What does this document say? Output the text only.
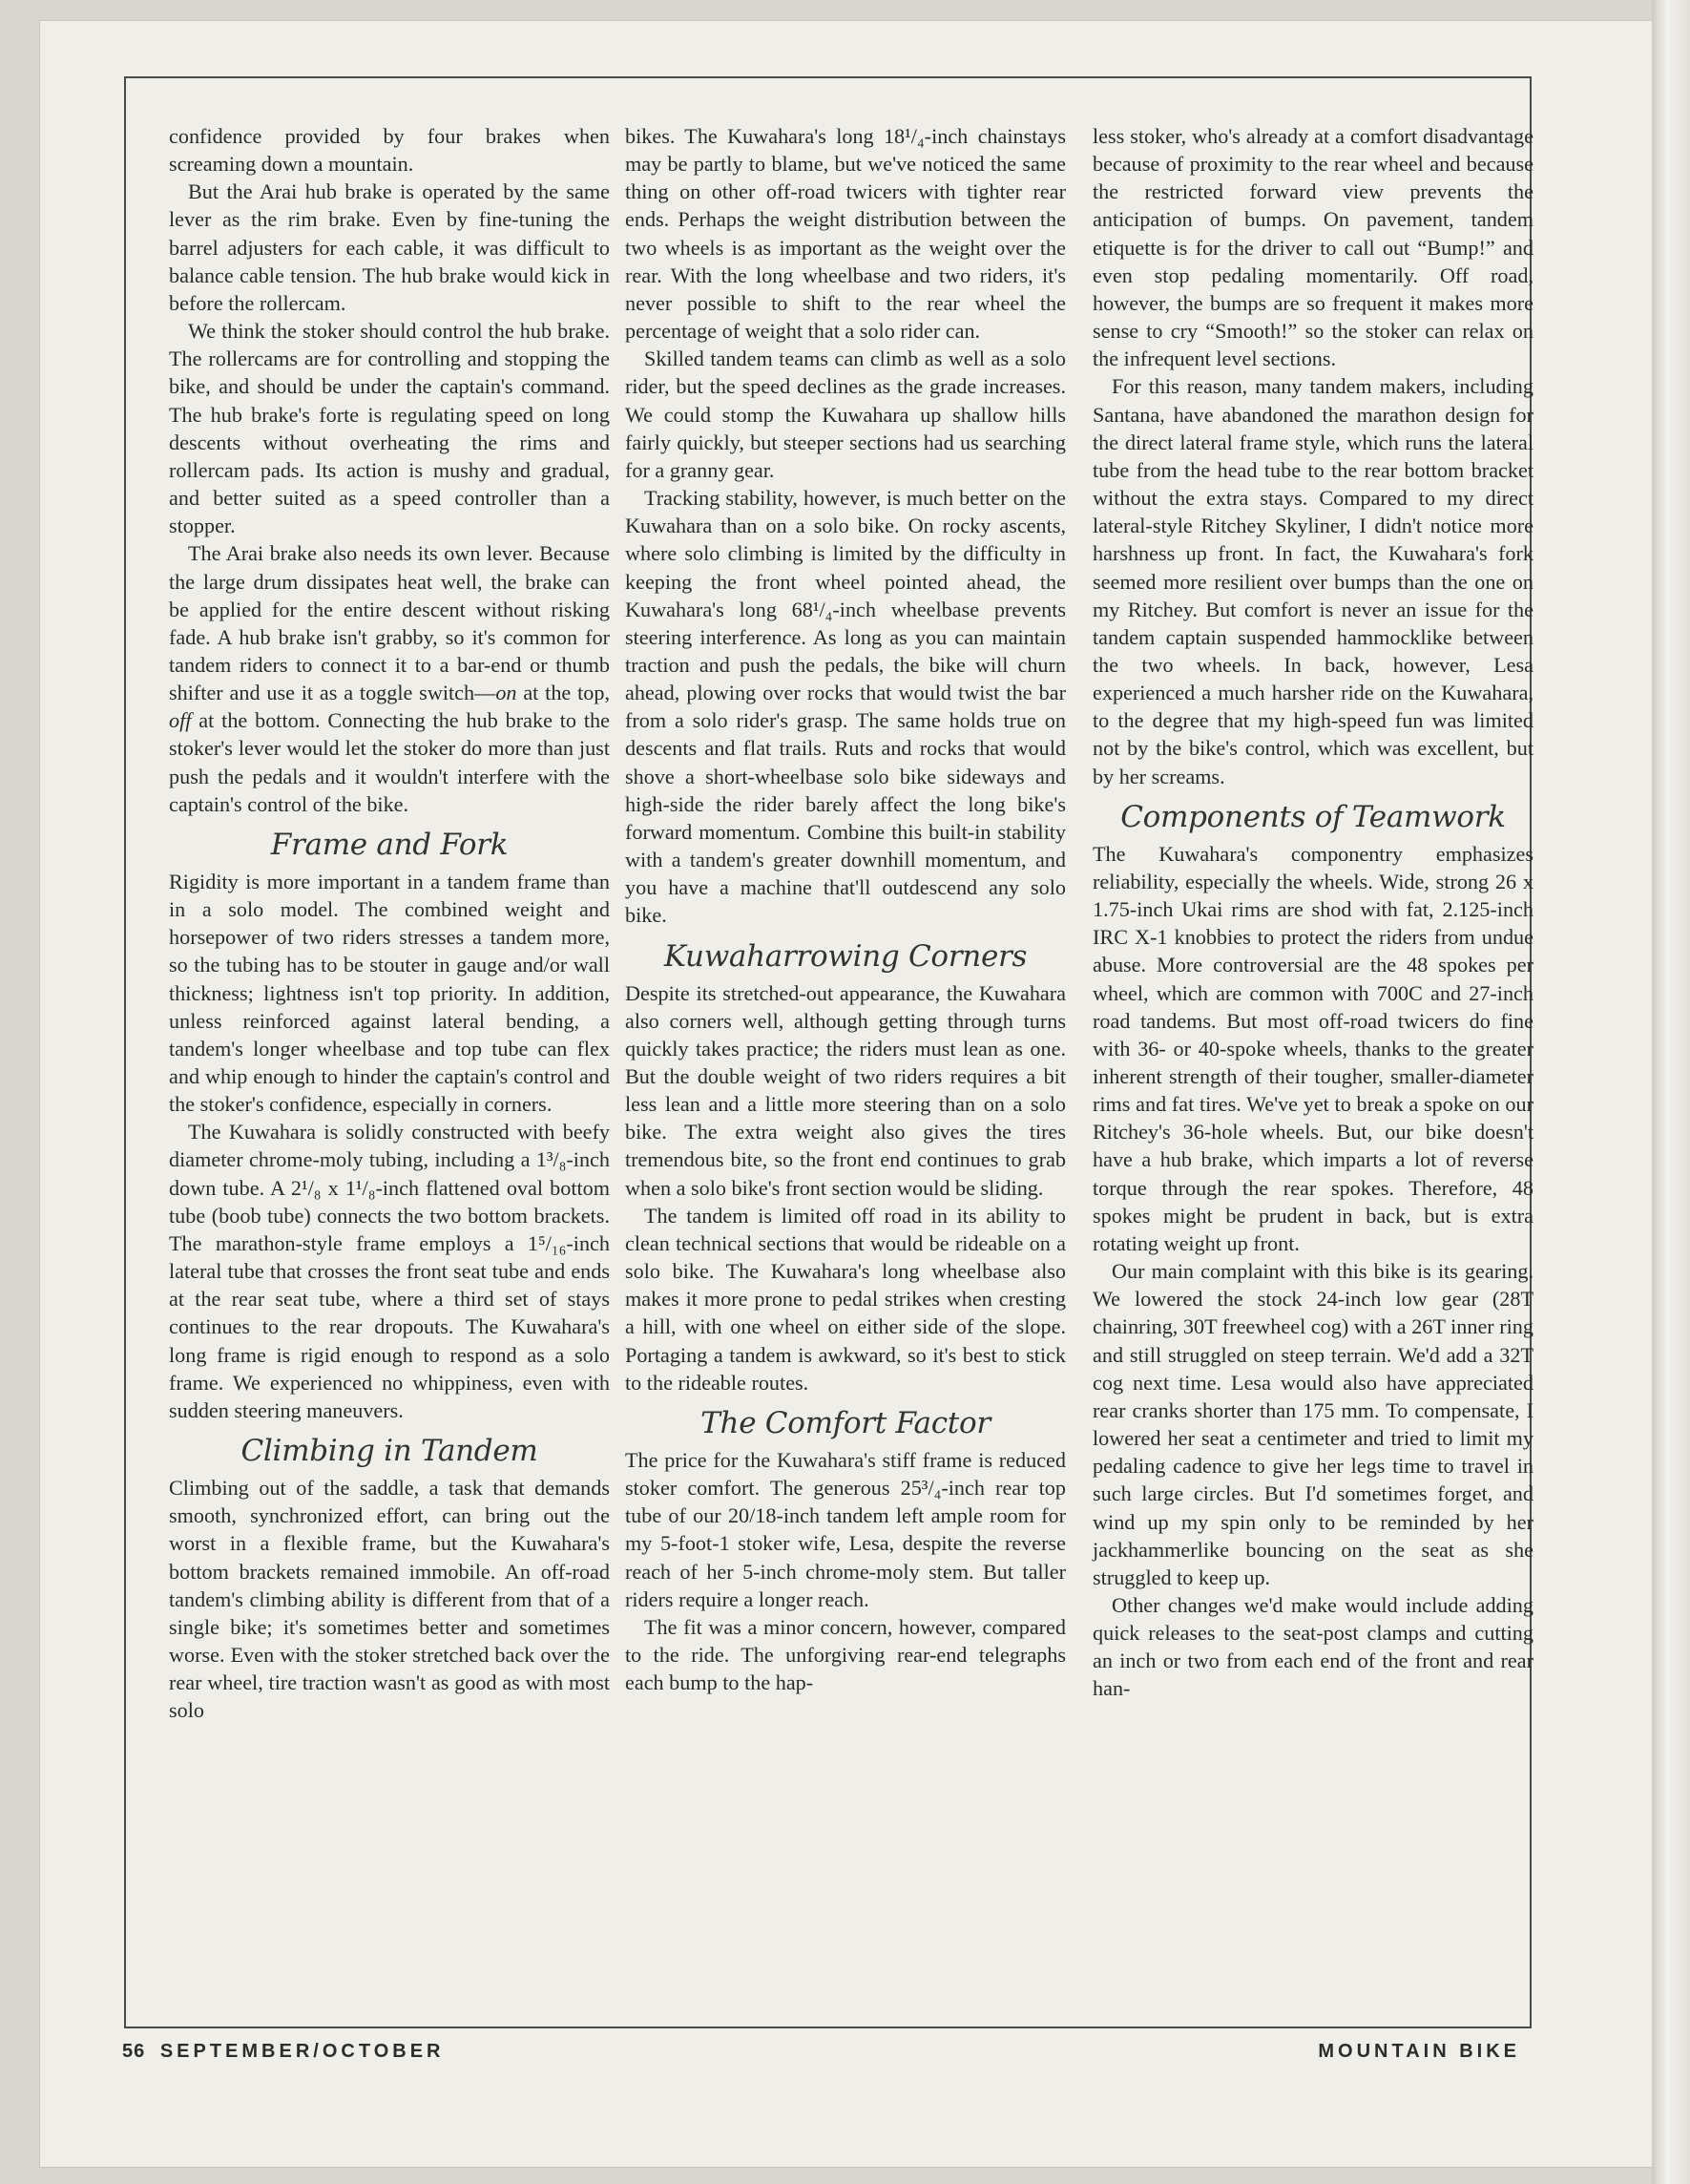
confidence provided by four brakes when screaming down a mountain.

But the Arai hub brake is operated by the same lever as the rim brake. Even by fine-tuning the barrel adjusters for each cable, it was difficult to balance cable tension. The hub brake would kick in before the rollercam.

We think the stoker should control the hub brake. The rollercams are for controlling and stopping the bike, and should be under the captain's command. The hub brake's forte is regulating speed on long descents without overheating the rims and rollercam pads. Its action is mushy and gradual, and better suited as a speed controller than a stopper.

The Arai brake also needs its own lever. Because the large drum dissipates heat well, the brake can be applied for the entire descent without risking fade. A hub brake isn't grabby, so it's common for tandem riders to connect it to a bar-end or thumb shifter and use it as a toggle switch—on at the top, off at the bottom. Connecting the hub brake to the stoker's lever would let the stoker do more than just push the pedals and it wouldn't interfere with the captain's control of the bike.

Frame and Fork

Rigidity is more important in a tandem frame than in a solo model. The combined weight and horsepower of two riders stresses a tandem more, so the tubing has to be stouter in gauge and/or wall thickness; lightness isn't top priority. In addition, unless reinforced against lateral bending, a tandem's longer wheelbase and top tube can flex and whip enough to hinder the captain's control and the stoker's confidence, especially in corners.

The Kuwahara is solidly constructed with beefy diameter chrome-moly tubing, including a 1³/₈-inch down tube. A 2¹/₈ x 1¹/₈-inch flattened oval bottom tube (boob tube) connects the two bottom brackets. The marathon-style frame employs a 1⁵/₁₆-inch lateral tube that crosses the front seat tube and ends at the rear seat tube, where a third set of stays continues to the rear dropouts. The Kuwahara's long frame is rigid enough to respond as a solo frame. We experienced no whippiness, even with sudden steering maneuvers.

Climbing in Tandem

Climbing out of the saddle, a task that demands smooth, synchronized effort, can bring out the worst in a flexible frame, but the Kuwahara's bottom brackets remained immobile. An off-road tandem's climbing ability is different from that of a single bike; it's sometimes better and sometimes worse. Even with the stoker stretched back over the rear wheel, tire traction wasn't as good as with most solo

bikes. The Kuwahara's long 18¹/₄-inch chainstays may be partly to blame, but we've noticed the same thing on other off-road twicers with tighter rear ends. Perhaps the weight distribution between the two wheels is as important as the weight over the rear. With the long wheelbase and two riders, it's never possible to shift to the rear wheel the percentage of weight that a solo rider can.

Skilled tandem teams can climb as well as a solo rider, but the speed declines as the grade increases. We could stomp the Kuwahara up shallow hills fairly quickly, but steeper sections had us searching for a granny gear.

Tracking stability, however, is much better on the Kuwahara than on a solo bike. On rocky ascents, where solo climbing is limited by the difficulty in keeping the front wheel pointed ahead, the Kuwahara's long 68¹/₄-inch wheelbase prevents steering interference. As long as you can maintain traction and push the pedals, the bike will churn ahead, plowing over rocks that would twist the bar from a solo rider's grasp. The same holds true on descents and flat trails. Ruts and rocks that would shove a short-wheelbase solo bike sideways and high-side the rider barely affect the long bike's forward momentum. Combine this built-in stability with a tandem's greater downhill momentum, and you have a machine that'll outdescend any solo bike.

Kuwaharrowing Corners

Despite its stretched-out appearance, the Kuwahara also corners well, although getting through turns quickly takes practice; the riders must lean as one. But the double weight of two riders requires a bit less lean and a little more steering than on a solo bike. The extra weight also gives the tires tremendous bite, so the front end continues to grab when a solo bike's front section would be sliding.

The tandem is limited off road in its ability to clean technical sections that would be rideable on a solo bike. The Kuwahara's long wheelbase also makes it more prone to pedal strikes when cresting a hill, with one wheel on either side of the slope. Portaging a tandem is awkward, so it's best to stick to the rideable routes.

The Comfort Factor

The price for the Kuwahara's stiff frame is reduced stoker comfort. The generous 25³/₄-inch rear top tube of our 20/18-inch tandem left ample room for my 5-foot-1 stoker wife, Lesa, despite the reverse reach of her 5-inch chrome-moly stem. But taller riders require a longer reach.

The fit was a minor concern, however, compared to the ride. The unforgiving rear-end telegraphs each bump to the hap-

less stoker, who's already at a comfort disadvantage because of proximity to the rear wheel and because the restricted forward view prevents the anticipation of bumps. On pavement, tandem etiquette is for the driver to call out “Bump!” and even stop pedaling momentarily. Off road, however, the bumps are so frequent it makes more sense to cry “Smooth!” so the stoker can relax on the infrequent level sections.

For this reason, many tandem makers, including Santana, have abandoned the marathon design for the direct lateral frame style, which runs the lateral tube from the head tube to the rear bottom bracket without the extra stays. Compared to my direct lateral-style Ritchey Skyliner, I didn't notice more harshness up front. In fact, the Kuwahara's fork seemed more resilient over bumps than the one on my Ritchey. But comfort is never an issue for the tandem captain suspended hammocklike between the two wheels. In back, however, Lesa experienced a much harsher ride on the Kuwahara, to the degree that my high-speed fun was limited not by the bike's control, which was excellent, but by her screams.

Components of Teamwork

The Kuwahara's componentry emphasizes reliability, especially the wheels. Wide, strong 26 x 1.75-inch Ukai rims are shod with fat, 2.125-inch IRC X-1 knobbies to protect the riders from undue abuse. More controversial are the 48 spokes per wheel, which are common with 700C and 27-inch road tandems. But most off-road twicers do fine with 36- or 40-spoke wheels, thanks to the greater inherent strength of their tougher, smaller-diameter rims and fat tires. We've yet to break a spoke on our Ritchey's 36-hole wheels. But, our bike doesn't have a hub brake, which imparts a lot of reverse torque through the rear spokes. Therefore, 48 spokes might be prudent in back, but is extra rotating weight up front.

Our main complaint with this bike is its gearing. We lowered the stock 24-inch low gear (28T chainring, 30T freewheel cog) with a 26T inner ring and still struggled on steep terrain. We'd add a 32T cog next time. Lesa would also have appreciated rear cranks shorter than 175 mm. To compensate, I lowered her seat a centimeter and tried to limit my pedaling cadence to give her legs time to travel in such large circles. But I'd sometimes forget, and wind up my spin only to be reminded by her jackhammerlike bouncing on the seat as she struggled to keep up.

Other changes we'd make would include adding quick releases to the seat-post clamps and cutting an inch or two from each end of the front and rear han-

56 SEPTEMBER/OCTOBER	MOUNTAIN BIKE
